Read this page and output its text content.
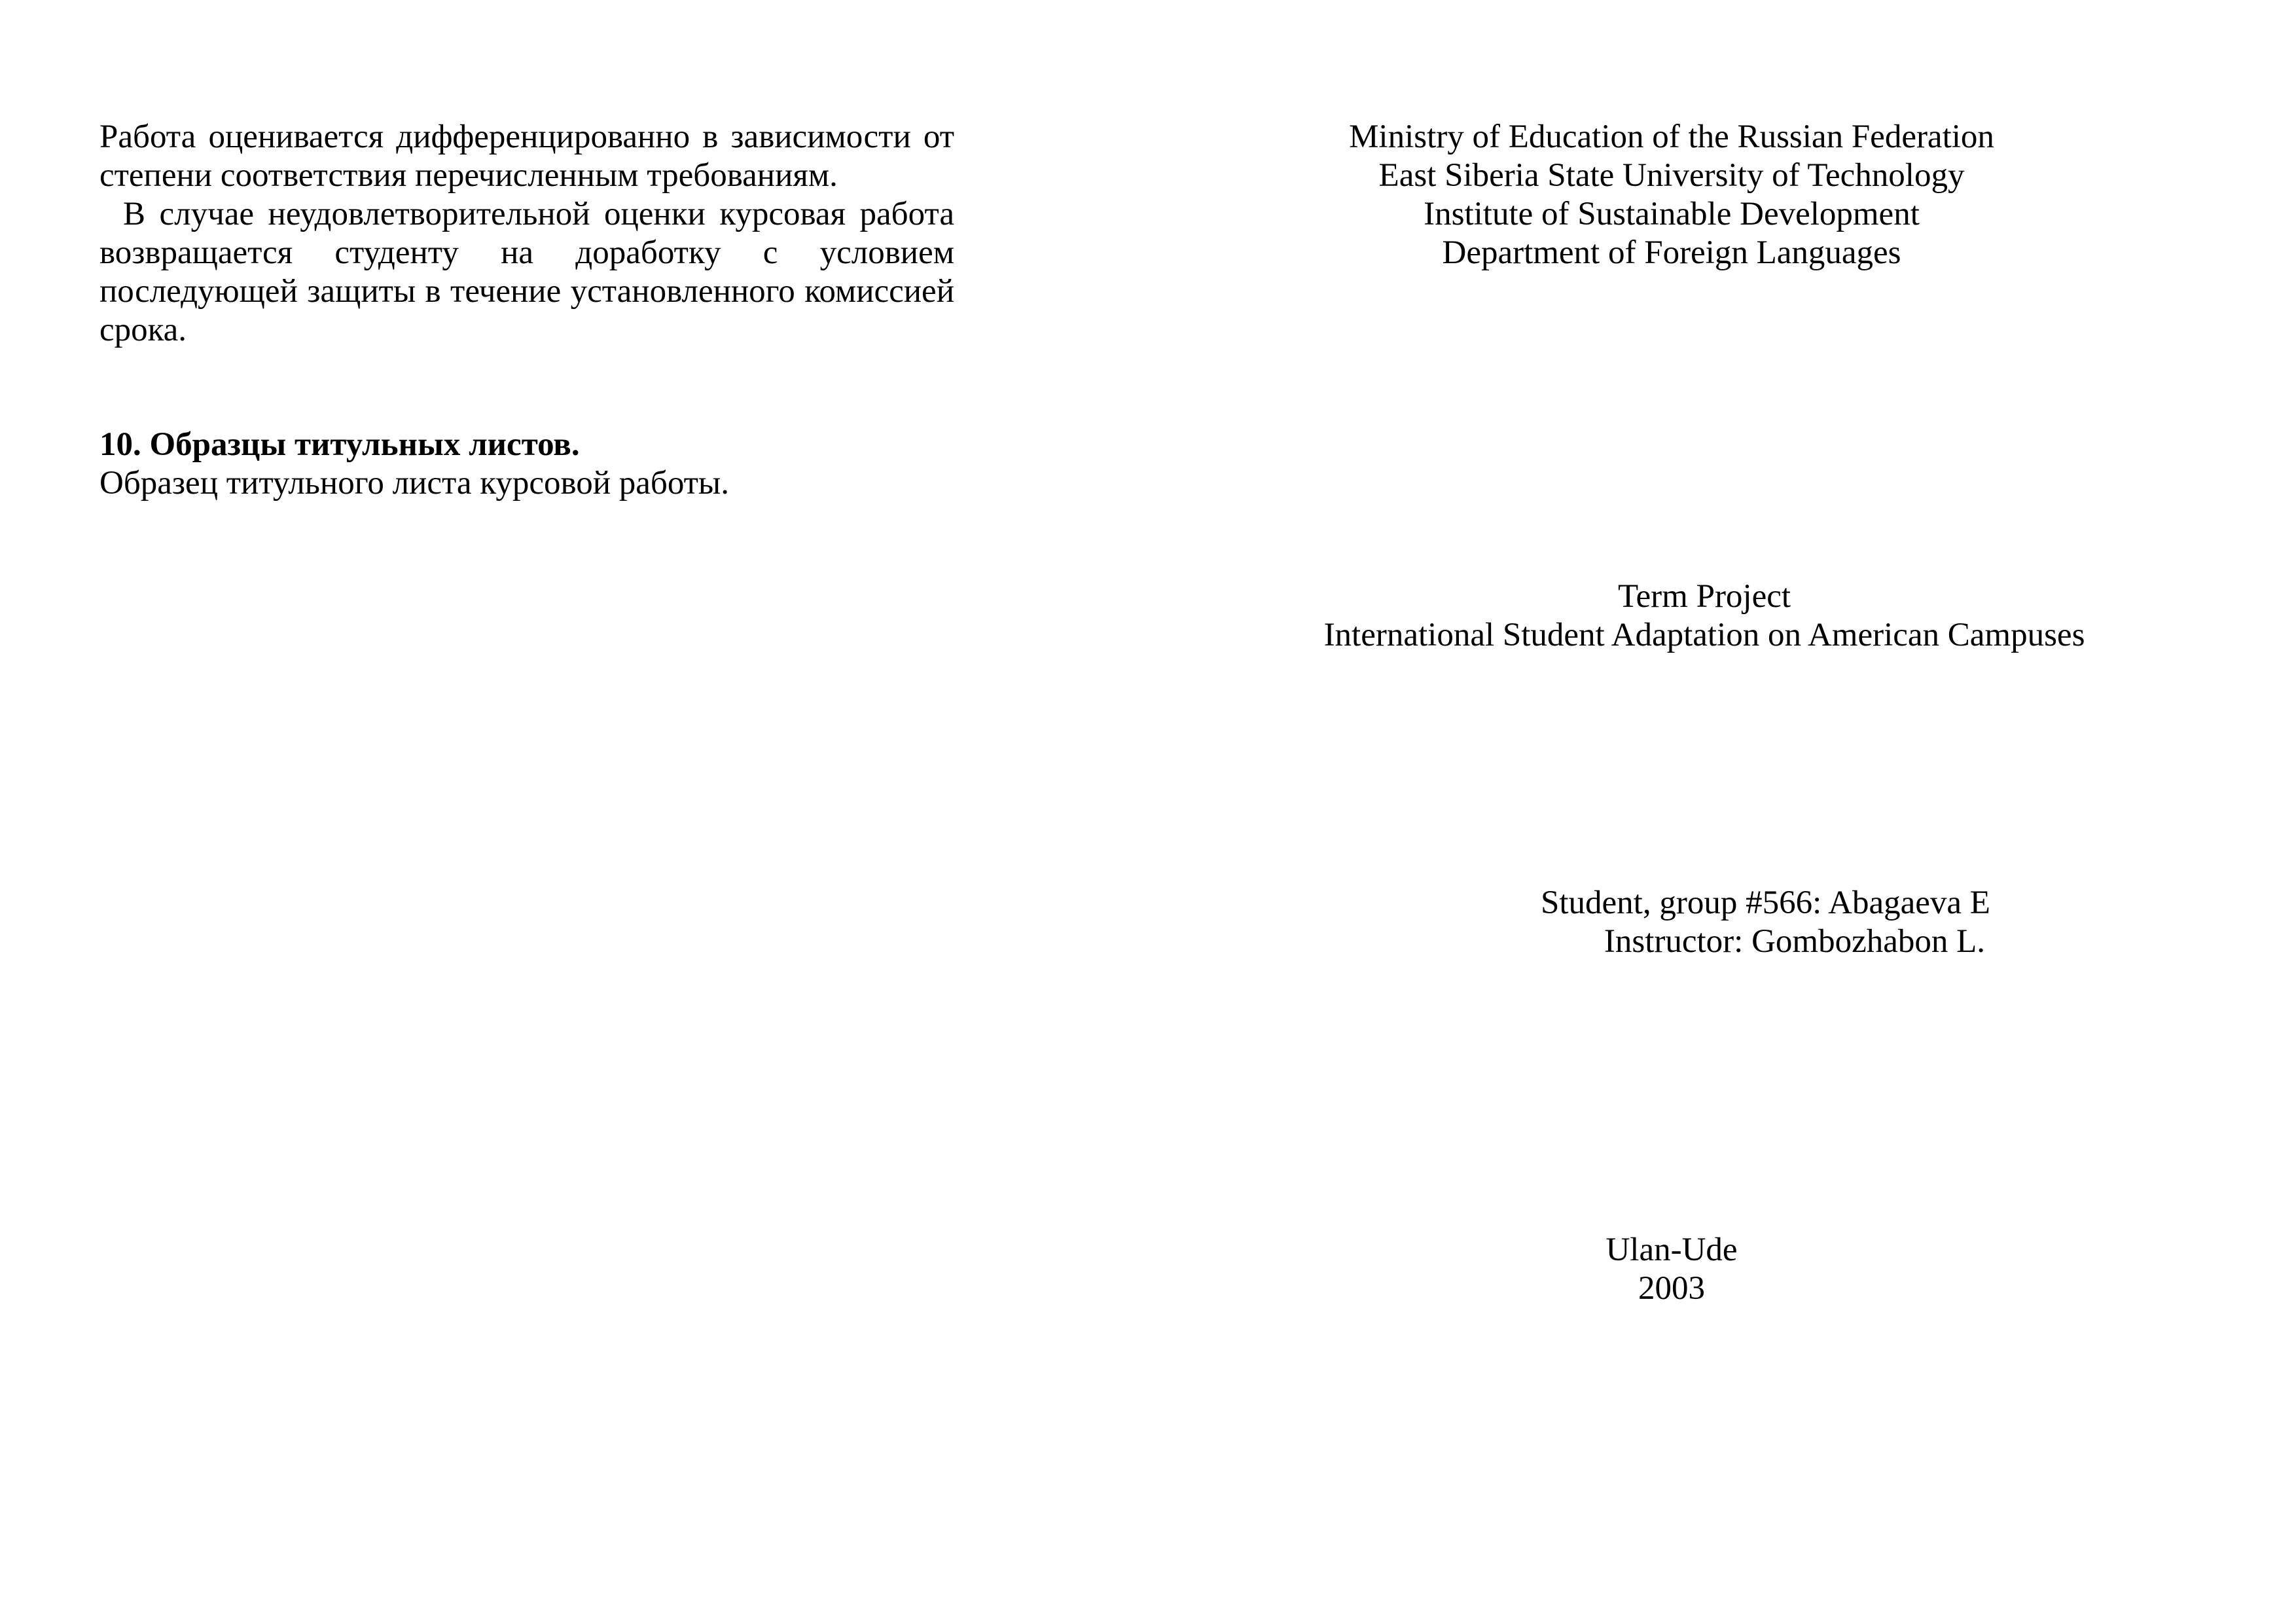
Работа оценивается дифференцированно в зависимости от
степени соответствия перечисленным требованиям.
В случае неудовлетворительной оценки курсовая работа
возвращается студенту на доработку с условием
последующей защиты в течение установленного комиссией
срока.
10. Образцы титульных листов.
Образец титульного листа курсовой работы.
Ministry of Education of the Russian Federation
East Siberia State University of Technology
Institute of Sustainable Development
Department of Foreign Languages
Term Project
International Student Adaptation on American Campuses
Student, group #566: Abagaeva E
Instructor: Gombozhabon L.
Ulan-Ude
2003
